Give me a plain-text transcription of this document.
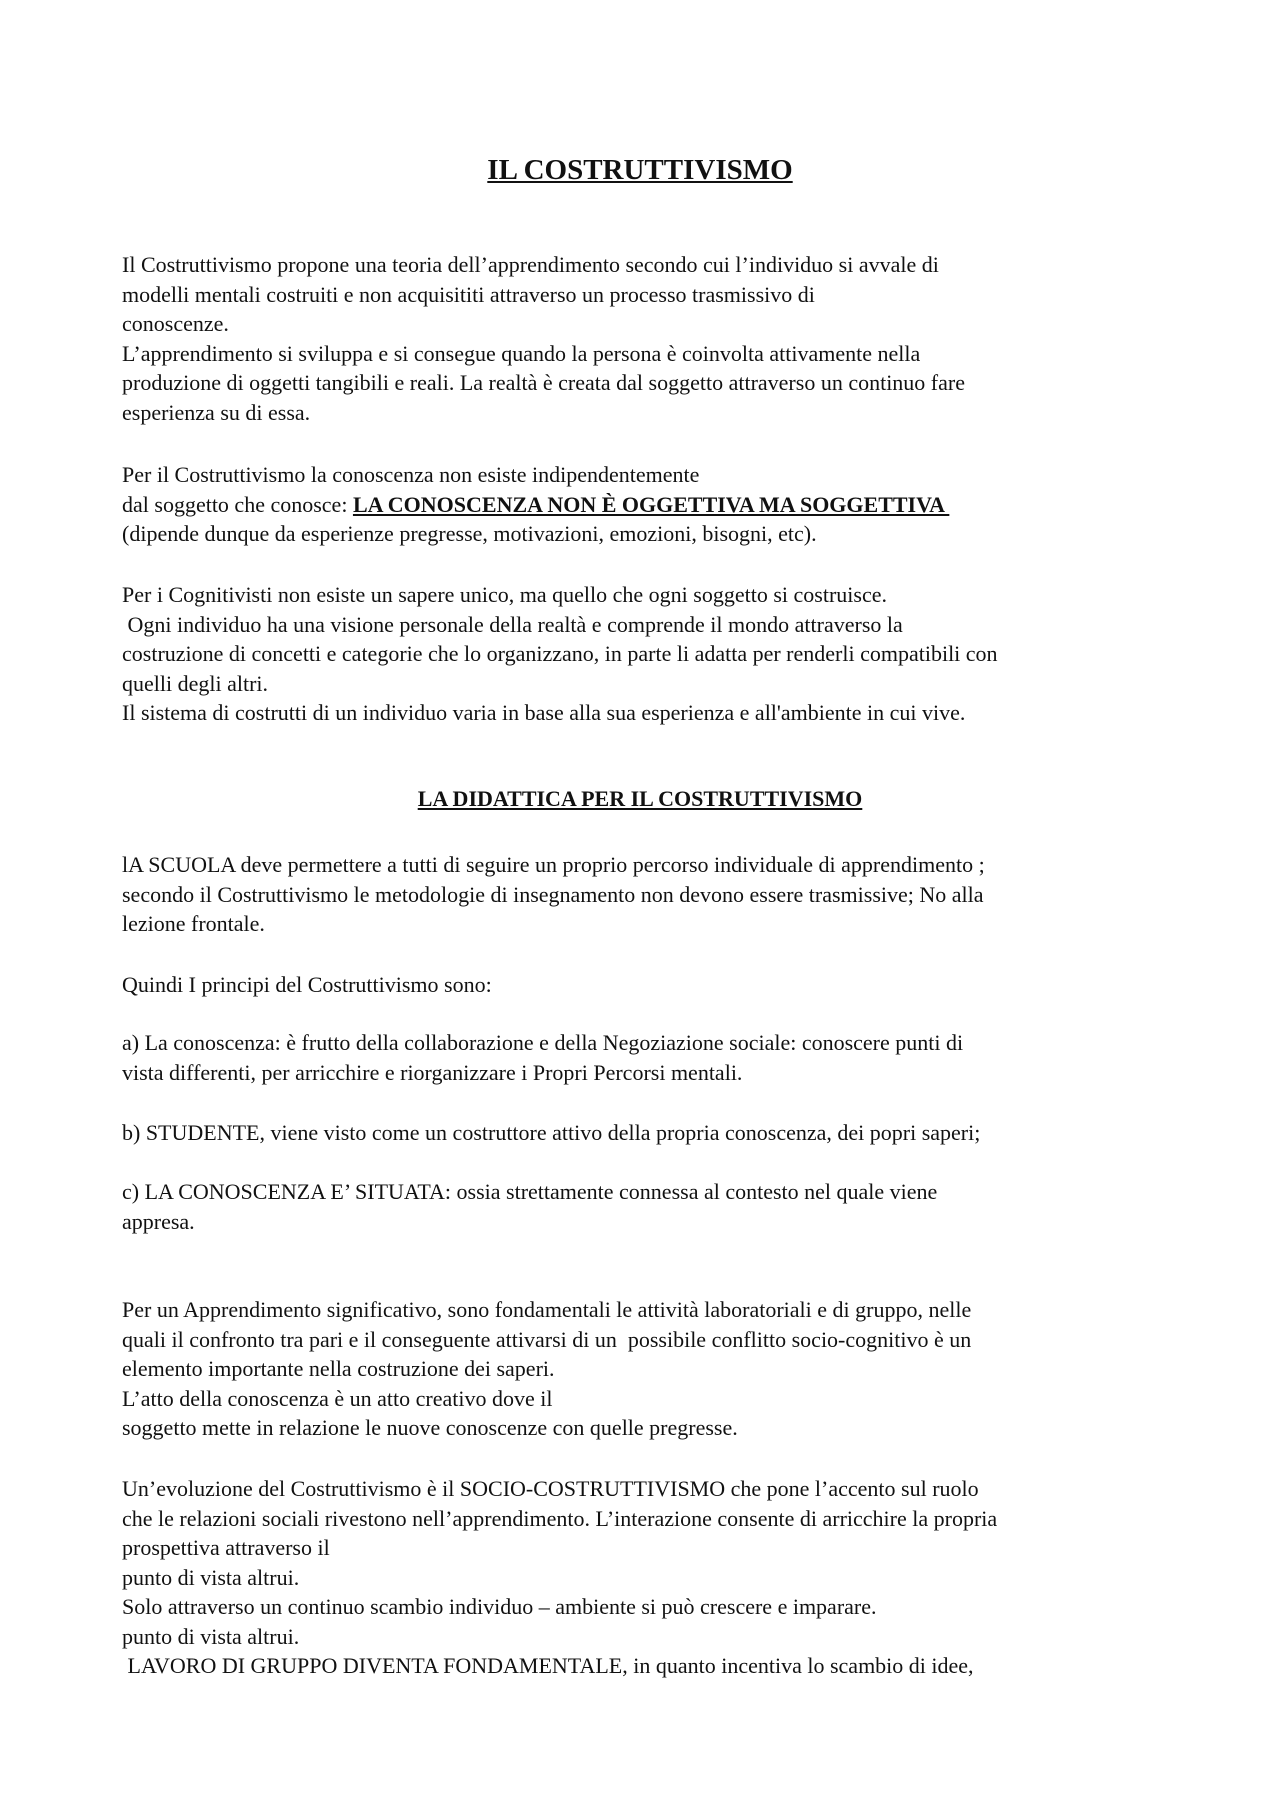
IL COSTRUTTIVISMO
Il Costruttivismo propone una teoria dell’apprendimento secondo cui l’individuo si avvale di
modelli mentali costruiti e non acquisititi attraverso un processo trasmissivo di
conoscenze.
L’apprendimento si sviluppa e si consegue quando la persona è coinvolta attivamente nella
produzione di oggetti tangibili e reali. La realtà è creata dal soggetto attraverso un continuo fare
esperienza su di essa.
Per il Costruttivismo la conoscenza non esiste indipendentemente
dal soggetto che conosce: LA CONOSCENZA NON È OGGETTIVA MA SOGGETTIVA
(dipende dunque da esperienze pregresse, motivazioni, emozioni, bisogni, etc).
Per i Cognitivisti non esiste un sapere unico, ma quello che ogni soggetto si costruisce.
Ogni individuo ha una visione personale della realtà e comprende il mondo attraverso la
costruzione di concetti e categorie che lo organizzano, in parte li adatta per renderli compatibili con
quelli degli altri.
Il sistema di costrutti di un individuo varia in base alla sua esperienza e all'ambiente in cui vive.
LA DIDATTICA PER IL COSTRUTTIVISMO
lA SCUOLA deve permettere a tutti di seguire un proprio percorso individuale di apprendimento ;
secondo il Costruttivismo le metodologie di insegnamento non devono essere trasmissive; No alla
lezione frontale.
Quindi I principi del Costruttivismo sono:
a) La conoscenza: è frutto della collaborazione e della Negoziazione sociale: conoscere punti di
vista differenti, per arricchire e riorganizzare i Propri Percorsi mentali.
b) STUDENTE, viene visto come un costruttore attivo della propria conoscenza, dei popri saperi;
c) LA CONOSCENZA E’ SITUATA: ossia strettamente connessa al contesto nel quale viene
appresa.
Per un Apprendimento significativo, sono fondamentali le attività laboratoriali e di gruppo, nelle
quali il confronto tra pari e il conseguente attivarsi di un  possibile conflitto socio-cognitivo è un
elemento importante nella costruzione dei saperi.
L’atto della conoscenza è un atto creativo dove il
soggetto mette in relazione le nuove conoscenze con quelle pregresse.
Un’evoluzione del Costruttivismo è il SOCIO-COSTRUTTIVISMO che pone l’accento sul ruolo
che le relazioni sociali rivestono nell’apprendimento. L’interazione consente di arricchire la propria
prospettiva attraverso il
punto di vista altrui.
Solo attraverso un continuo scambio individuo – ambiente si può crescere e imparare.
punto di vista altrui.
LAVORO DI GRUPPO DIVENTA FONDAMENTALE, in quanto incentiva lo scambio di idee,
